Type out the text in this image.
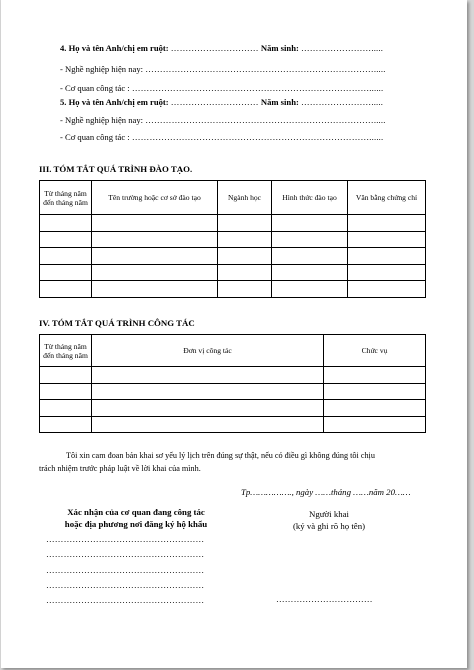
4. Họ và tên Anh/chị em ruột: ………………………… Năm sinh: …………………….....
- Nghề nghiệp hiện nay: …………………………………………………………………….....
- Cơ quan công tác : ………………………………………………………………………......
5. Họ và tên Anh/chị em ruột: ………………………… Năm sinh: …………………….....
- Nghề nghiệp hiện nay: …………………………………………………………………….....
- Cơ quan công tác : ………………………………………………………………………......
III. TÓM TẮT QUÁ TRÌNH ĐÀO TẠO.
Từ tháng năm đến tháng năm	Tên trường hoặc cơ sở đào tạo	Ngành học	Hình thức đào tạo	Văn bằng chứng chỉ

IV. TÓM TẮT QUÁ TRÌNH CÔNG TÁC
Từ tháng năm đến tháng năm	Đơn vị công tác	Chức vụ

Tôi xin cam đoan bản khai sơ yếu lý lịch trên đúng sự thật, nếu có điều gì không đúng tôi chịu
trách nhiệm trước pháp luật về lời khai của mình.
Tp……………., ngày ……tháng ……năm 20……
Xác nhận của cơ quan đang công tác
hoặc địa phương nơi đăng ký hộ khẩu
………………………………………………
………………………………………………
………………………………………………
………………………………………………
………………………………………………
Người khai
(ký và ghi rõ họ tên)
……………………………
